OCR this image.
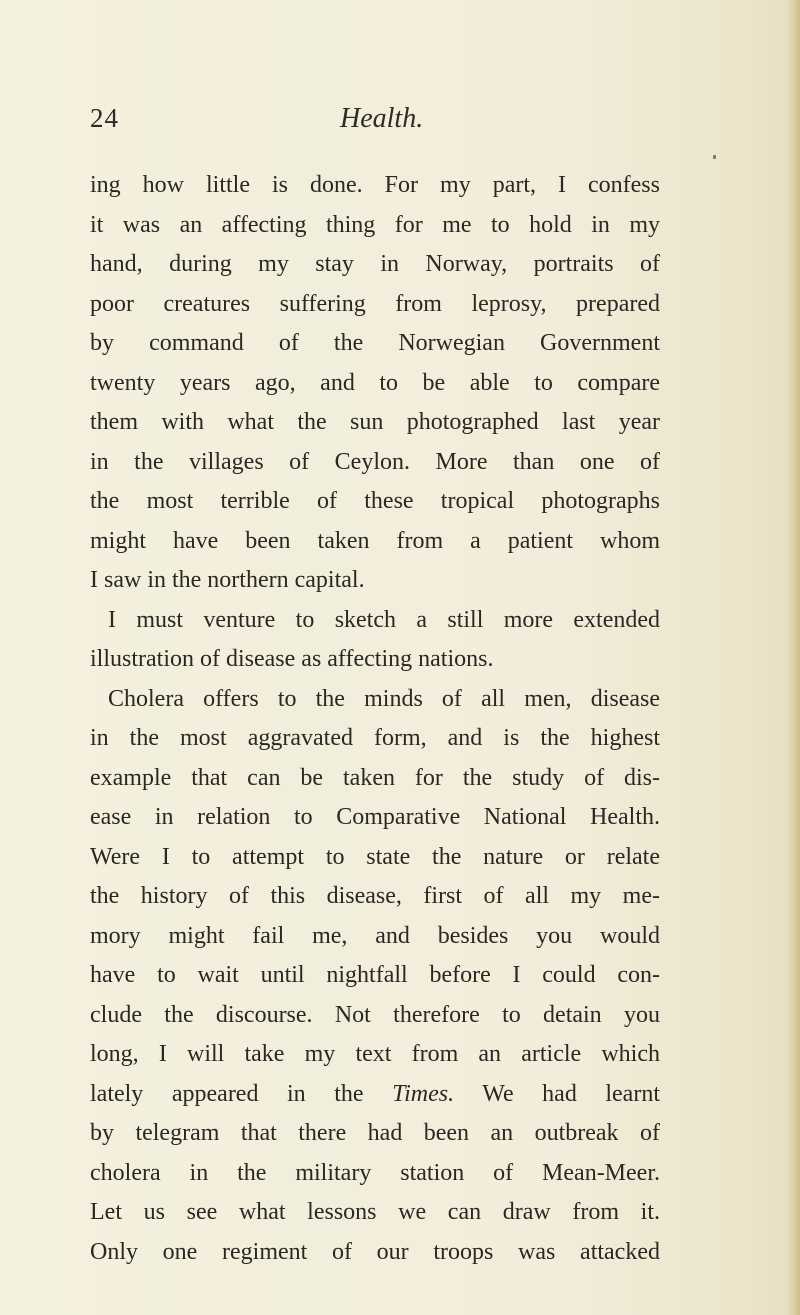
24	Health.
ing how little is done. For my part, I confess
it was an affecting thing for me to hold in my
hand, during my stay in Norway, portraits of
poor creatures suffering from leprosy, prepared
by command of the Norwegian Government
twenty years ago, and to be able to compare
them with what the sun photographed last year
in the villages of Ceylon. More than one of
the most terrible of these tropical photographs
might have been taken from a patient whom
I saw in the northern capital.
I must venture to sketch a still more extended
illustration of disease as affecting nations.
Cholera offers to the minds of all men, disease
in the most aggravated form, and is the highest
example that can be taken for the study of dis-
ease in relation to Comparative National Health.
Were I to attempt to state the nature or relate
the history of this disease, first of all my me-
mory might fail me, and besides you would
have to wait until nightfall before I could con-
clude the discourse. Not therefore to detain you
long, I will take my text from an article which
lately appeared in the Times. We had learnt
by telegram that there had been an outbreak of
cholera in the military station of Mean-Meer.
Let us see what lessons we can draw from it.
Only one regiment of our troops was attacked
